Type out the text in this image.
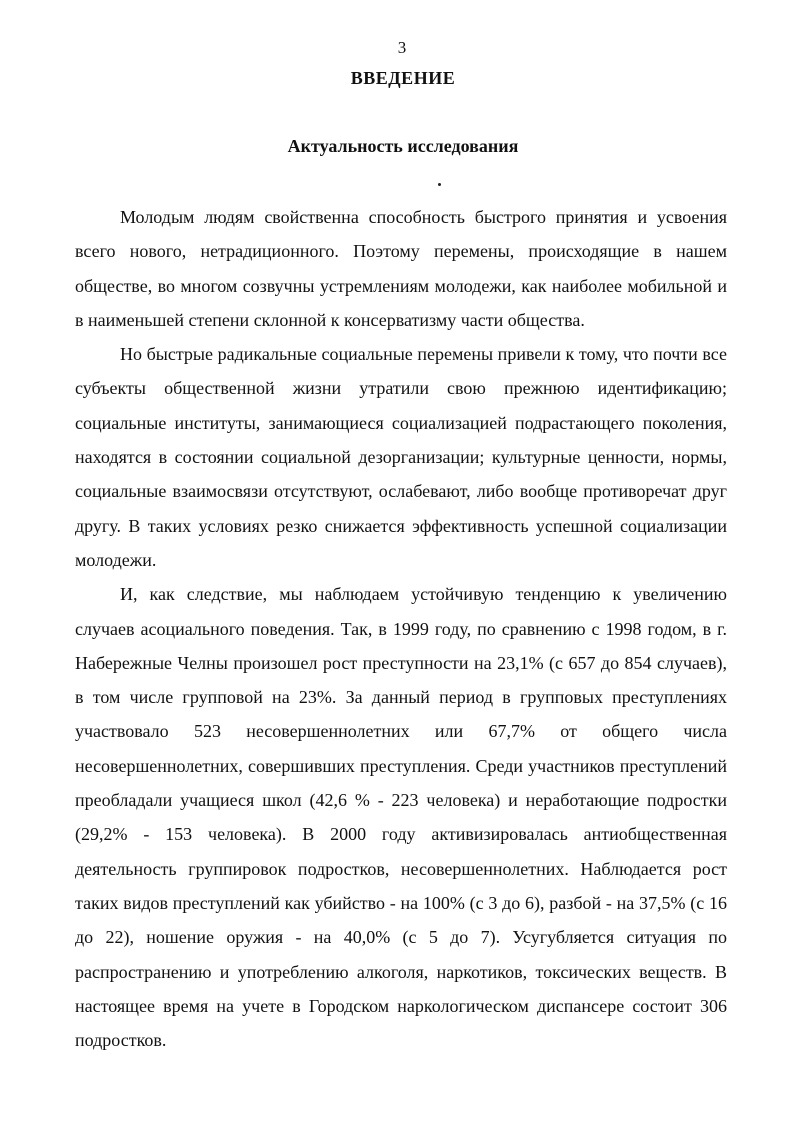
3
ВВЕДЕНИЕ
Актуальность исследования

Молодым людям свойственна способность быстрого принятия и усвоения всего нового, нетрадиционного. Поэтому перемены, происходящие в нашем обществе, во многом созвучны устремлениям молодежи, как наиболее мобильной и в наименьшей степени склонной к консерватизму части общества.

Но быстрые радикальные социальные перемены привели к тому, что почти все субъекты общественной жизни утратили свою прежнюю идентификацию; социальные институты, занимающиеся социализацией подрастающего поколения, находятся в состоянии социальной дезорганизации; культурные ценности, нормы, социальные взаимосвязи отсутствуют, ослабевают, либо вообще противоречат друг другу. В таких условиях резко снижается эффективность успешной социализации молодежи.

И, как следствие, мы наблюдаем устойчивую тенденцию к увеличению случаев асоциального поведения. Так, в 1999 году, по сравнению с 1998 годом, в г. Набережные Челны произошел рост преступности на 23,1% (с 657 до 854 случаев), в том числе групповой на 23%. За данный период в групповых преступлениях участвовало 523 несовершеннолетних или 67,7% от общего числа несовершеннолетних, совершивших преступления. Среди участников преступлений преобладали учащиеся школ (42,6 % - 223 человека) и неработающие подростки (29,2% - 153 человека). В 2000 году активизировалась антиобщественная деятельность группировок подростков, несовершеннолетних. Наблюдается рост таких видов преступлений как убийство - на 100% (с 3 до 6), разбой - на 37,5% (с 16 до 22), ношение оружия - на 40,0% (с 5 до 7). Усугубляется ситуация по распространению и употреблению алкоголя, наркотиков, токсических веществ. В настоящее время на учете в Городском наркологическом диспансере состоит 306 подростков.
